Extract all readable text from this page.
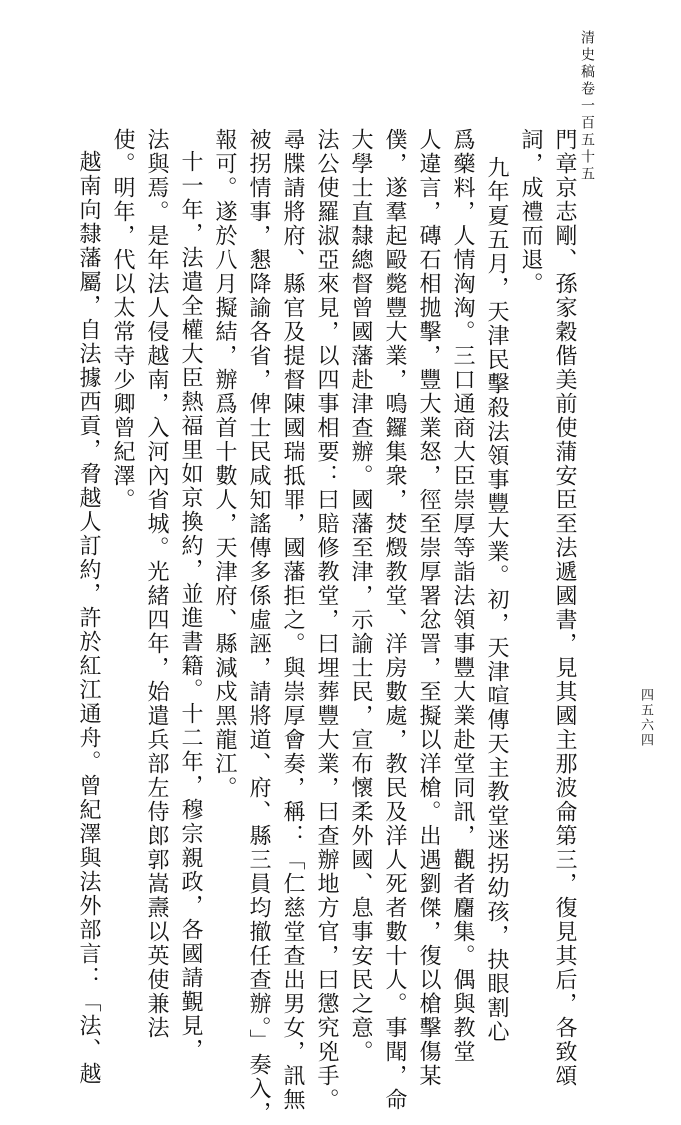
清史稿卷一百五十五
四五六四
門章京志剛、孫家穀偕美前使蒲安臣至法遞國書，見其國主那波侖第三，復見其后，各致頌
詞，成禮而退。
九年夏五月，天津民擊殺法領事豐大業。初，天津喧傳天主教堂迷拐幼孩，抉眼割心
爲藥料，人情洶洶。三口通商大臣崇厚等詣法領事豐大業赴堂同訊，觀者麕集。偶與教堂
人違言，磚石相拋擊，豐大業怒，徑至崇厚署忿詈，至擬以洋槍。出遇劉傑，復以槍擊傷某
僕，遂羣起毆斃豐大業，鳴鑼集衆，焚燬教堂、洋房數處，教民及洋人死者數十人。事聞，命
大學士直隸總督曾國藩赴津查辦。國藩至津，示諭士民，宣布懷柔外國、息事安民之意。
法公使羅淑亞來見，以四事相要：曰賠修教堂，曰埋葬豐大業，曰查辦地方官，曰懲究兇手。
尋牒請將府、縣官及提督陳國瑞抵罪，國藩拒之。與崇厚會奏，稱：「仁慈堂查出男女，訊無
被拐情事，懇降諭各省，俾士民咸知謠傳多係虛誣，請將道、府、縣三員均撤任查辦。」奏入，
報可。遂於八月擬結，辦爲首十數人，天津府、縣減戍黑龍江。
十一年，法遣全權大臣熱福里如京換約，並進書籍。十二年，穆宗親政，各國請覲見，
法與焉。是年法人侵越南，入河內省城。光緒四年，始遣兵部左侍郎郭嵩燾以英使兼法
使。明年，代以太常寺少卿曾紀澤。
越南向隸藩屬，自法據西貢，脅越人訂約，許於紅江通舟。曾紀澤與法外部言：「法、越
